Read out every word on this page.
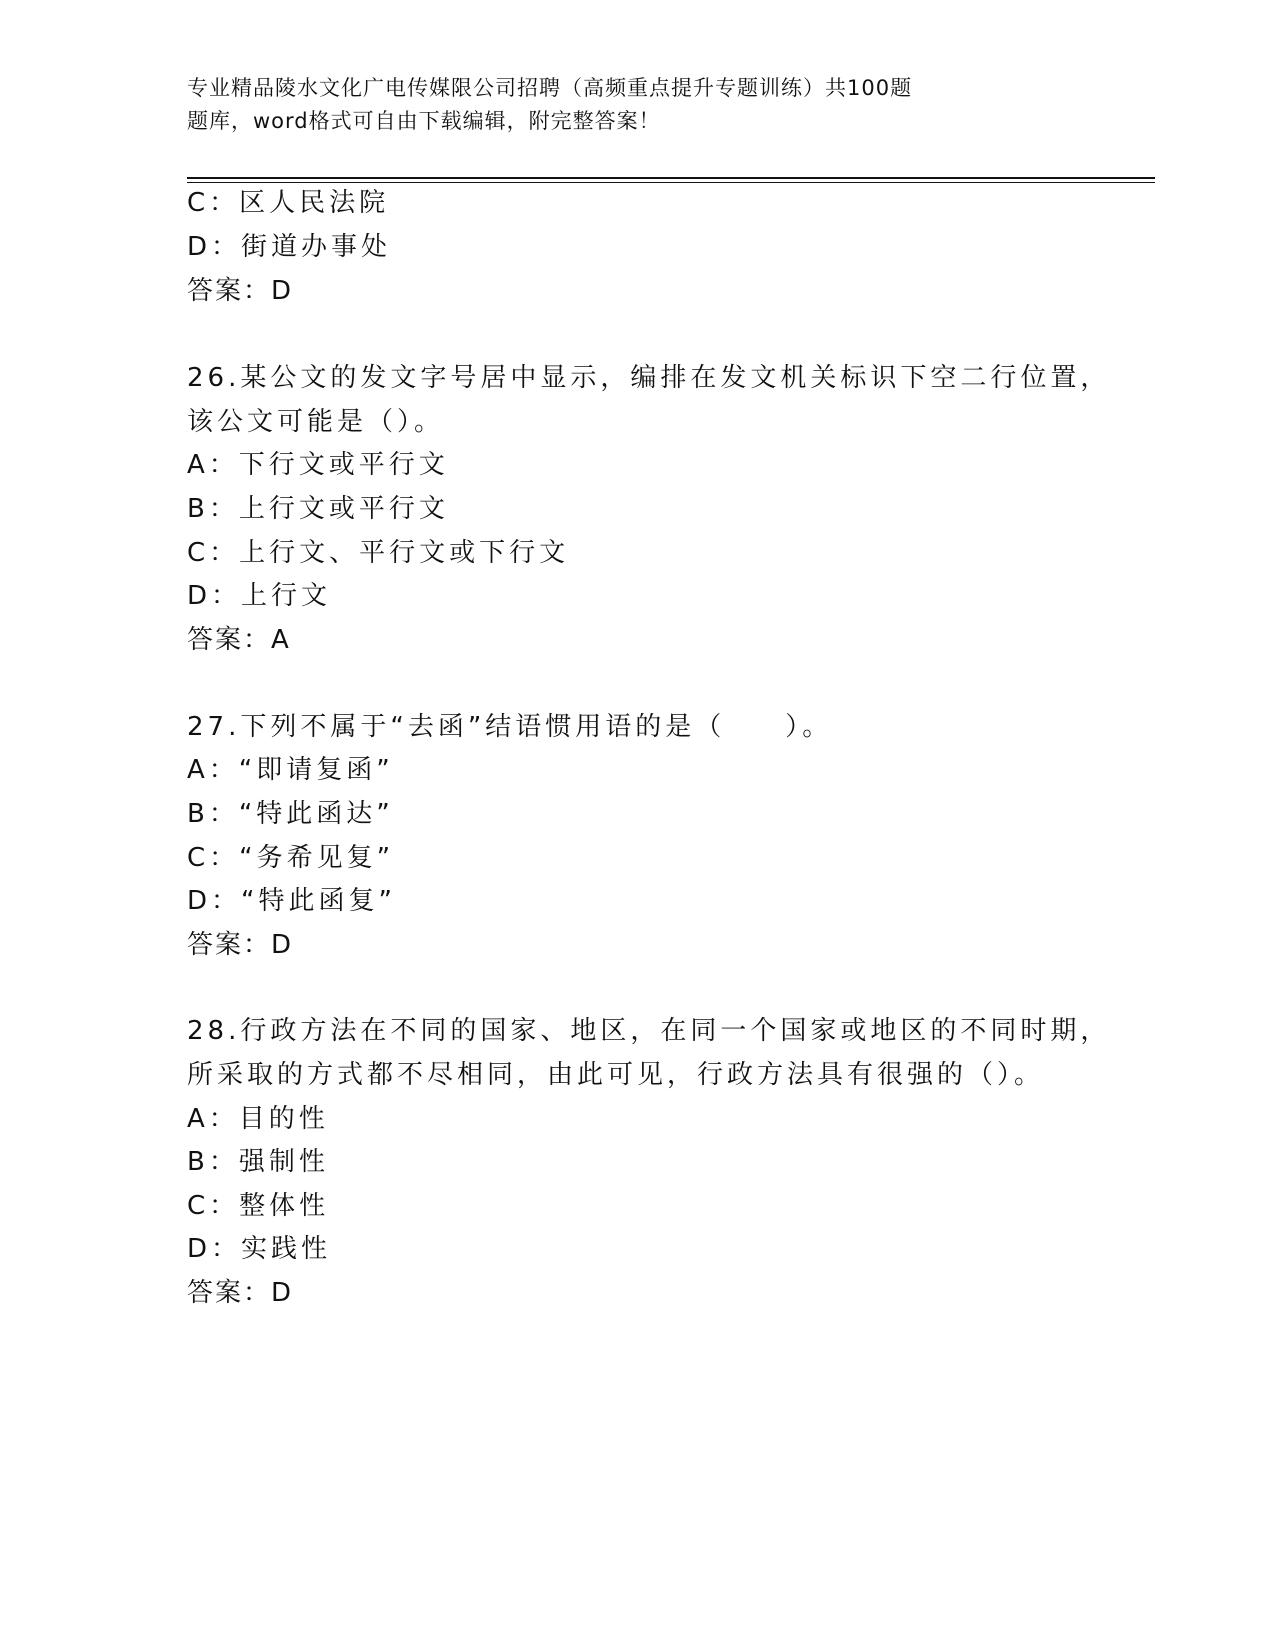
专业精品陵水文化广电传媒限公司招聘（高频重点提升专题训练）共100题
题库，word格式可自由下载编辑，附完整答案！
C：区人民法院
D：街道办事处
答案：D
26.某公文的发文字号居中显示，编排在发文机关标识下空二行位置，
该公文可能是（）。
A：下行文或平行文
B：上行文或平行文
C：上行文、平行文或下行文
D：上行文
答案：A
27.下列不属于“去函”结语惯用语的是（　　）。
A：“即请复函”
B：“特此函达”
C：“务希见复”
D：“特此函复”
答案：D
28.行政方法在不同的国家、地区，在同一个国家或地区的不同时期，
所采取的方式都不尽相同，由此可见，行政方法具有很强的（）。
A：目的性
B：强制性
C：整体性
D：实践性
答案：D
